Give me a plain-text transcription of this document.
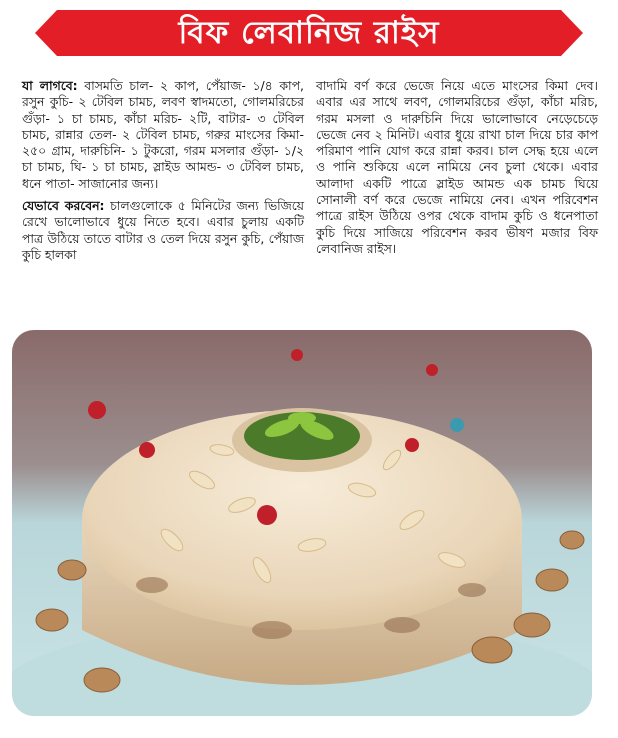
বিফ লেবানিজ রাইস

যা লাগবে: বাসমতি চাল- ২ কাপ, পেঁয়াজ- ১/৪ কাপ, রসুন কুচি- ২ টেবিল চামচ, লবণ স্বাদমতো, গোলমরিচের গুঁড়া- ১ চা চামচ, কাঁচা মরিচ- ২টি, বাটার- ৩ টেবিল চামচ, রান্নার তেল- ২ টেবিল চামচ, গরুর মাংসের কিমা- ২৫০ গ্রাম, দারুচিনি- ১ টুকরো, গরম মসলার গুঁড়া- ১/২ চা চামচ, ঘি- ১ চা চামচ, স্লাইড আমন্ড- ৩ টেবিল চামচ, ধনে পাতা- সাজানোর জন্য।

যেভাবে করবেন: চালগুলোকে ৫ মিনিটের জন্য ভিজিয়ে রেখে ভালোভাবে ধুয়ে নিতে হবে। এবার চুলায় একটি পাত্র উঠিয়ে তাতে বাটার ও তেল দিয়ে রসুন কুচি, পেঁয়াজ কুচি হালকা

বাদামি বর্ণ করে ভেজে নিয়ে এতে মাংসের কিমা দেব। এবার এর সাথে লবণ, গোলমরিচের গুঁড়া, কাঁচা মরিচ, গরম মসলা ও দারুচিনি দিয়ে ভালোভাবে নেড়েচেড়ে ভেজে নেব ২ মিনিট। এবার ধুয়ে রাখা চাল দিয়ে চার কাপ পরিমাণ পানি যোগ করে রান্না করব। চাল সেদ্ধ হয়ে এলে ও পানি শুকিয়ে এলে নামিয়ে নেব চুলা থেকে। এবার আলাদা একটি পাত্রে স্লাইড আমন্ড এক চামচ ঘিয়ে সোনালী বর্ণ করে ভেজে নামিয়ে নেব। এখন পরিবেশন পাত্রে রাইস উঠিয়ে ওপর থেকে বাদাম কুচি ও ধনেপাতা কুচি দিয়ে সাজিয়ে পরিবেশন করব ভীষণ মজার বিফ লেবানিজ রাইস।
